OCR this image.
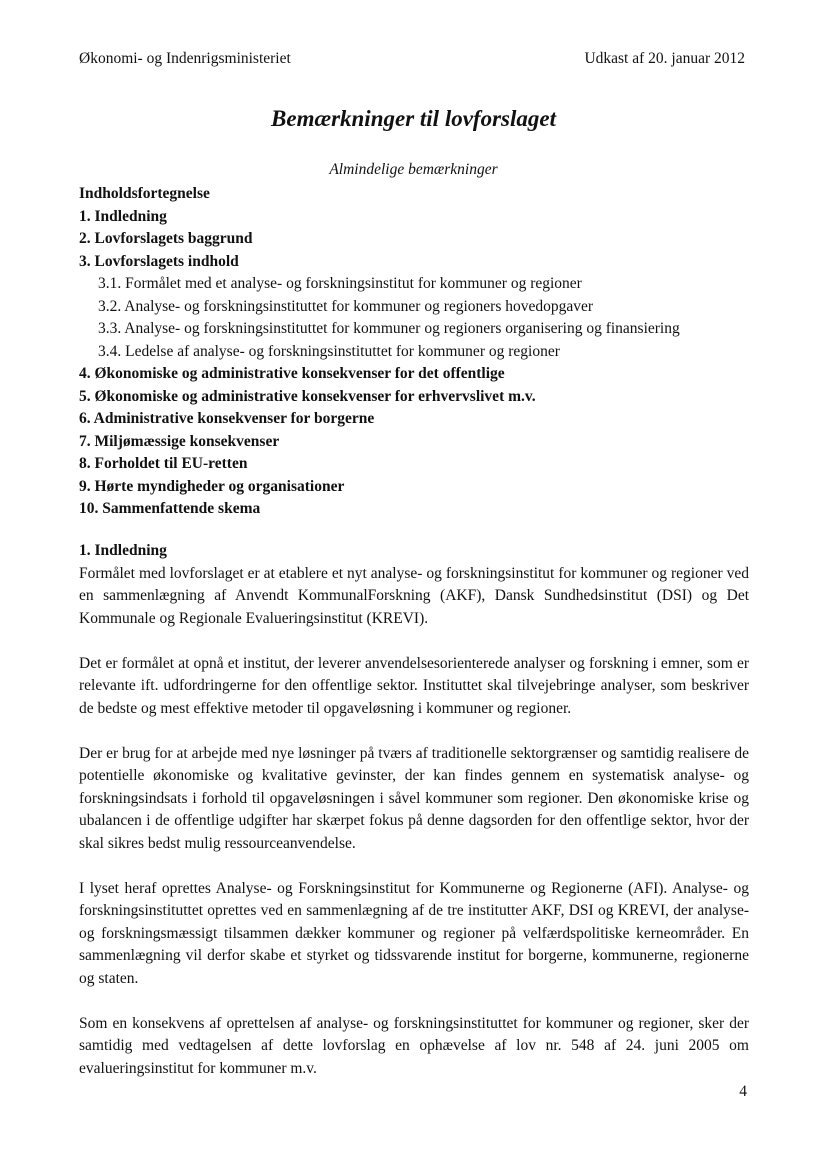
Økonomi- og Indenrigsministeriet	Udkast af 20. januar 2012
Bemærkninger til lovforslaget
Almindelige bemærkninger
Indholdsfortegnelse
1. Indledning
2. Lovforslagets baggrund
3. Lovforslagets indhold
3.1. Formålet med et analyse- og forskningsinstitut for kommuner og regioner
3.2. Analyse- og forskningsinstituttet for kommuner og regioners hovedopgaver
3.3. Analyse- og forskningsinstituttet for kommuner og regioners organisering og finansiering
3.4. Ledelse af analyse- og forskningsinstituttet for kommuner og regioner
4. Økonomiske og administrative konsekvenser for det offentlige
5. Økonomiske og administrative konsekvenser for erhvervslivet m.v.
6. Administrative konsekvenser for borgerne
7. Miljømæssige konsekvenser
8. Forholdet til EU-retten
9. Hørte myndigheder og organisationer
10. Sammenfattende skema
1. Indledning

Formålet med lovforslaget er at etablere et nyt analyse- og forskningsinstitut for kommuner og regioner ved en sammenlægning af Anvendt KommunalForskning (AKF), Dansk Sundhedsinstitut (DSI) og Det Kommunale og Regionale Evalueringsinstitut (KREVI).

Det er formålet at opnå et institut, der leverer anvendelsesorienterede analyser og forskning i emner, som er relevante ift. udfordringerne for den offentlige sektor. Instituttet skal tilvejebringe analyser, som beskriver de bedste og mest effektive metoder til opgaveløsning i kommuner og regioner.

Der er brug for at arbejde med nye løsninger på tværs af traditionelle sektorgrænser og samtidig realisere de potentielle økonomiske og kvalitative gevinster, der kan findes gennem en systematisk analyse- og forskningsindsats i forhold til opgaveløsningen i såvel kommuner som regioner. Den økonomiske krise og ubalancen i de offentlige udgifter har skærpet fokus på denne dagsorden for den offentlige sektor, hvor der skal sikres bedst mulig ressourceanvendelse.

I lyset heraf oprettes Analyse- og Forskningsinstitut for Kommunerne og Regionerne (AFI). Analyse- og forskningsinstituttet oprettes ved en sammenlægning af de tre institutter AKF, DSI og KREVI, der analyse- og forskningsmæssigt tilsammen dækker kommuner og regioner på velfærdspolitiske kerneområder. En sammenlægning vil derfor skabe et styrket og tidssvarende institut for borgerne, kommunerne, regionerne og staten.

Som en konsekvens af oprettelsen af analyse- og forskningsinstituttet for kommuner og regioner, sker der samtidig med vedtagelsen af dette lovforslag en ophævelse af lov nr. 548 af 24. juni 2005 om evalueringsinstitut for kommuner m.v.

4
